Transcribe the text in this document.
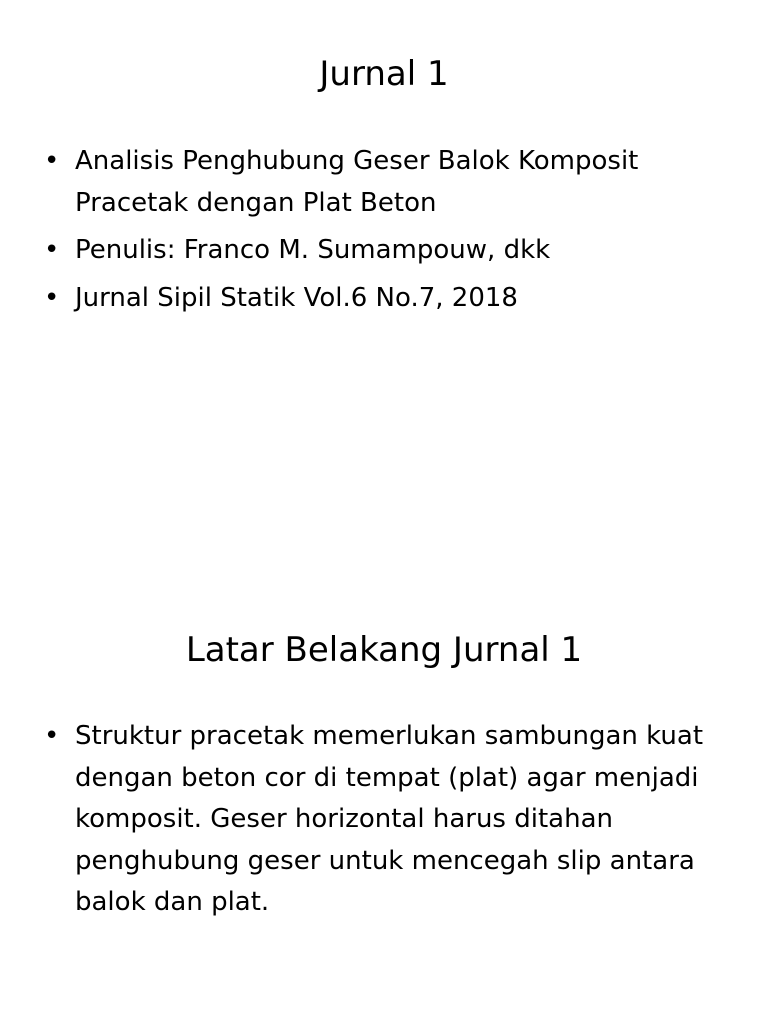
Jurnal 1
• Analisis Penghubung Geser Balok Komposit Pracetak dengan Plat Beton
• Penulis: Franco M. Sumampouw, dkk
• Jurnal Sipil Statik Vol.6 No.7, 2018
Latar Belakang Jurnal 1
• Struktur pracetak memerlukan sambungan kuat dengan beton cor di tempat (plat) agar menjadi komposit. Geser horizontal harus ditahan penghubung geser untuk mencegah slip antara balok dan plat.
